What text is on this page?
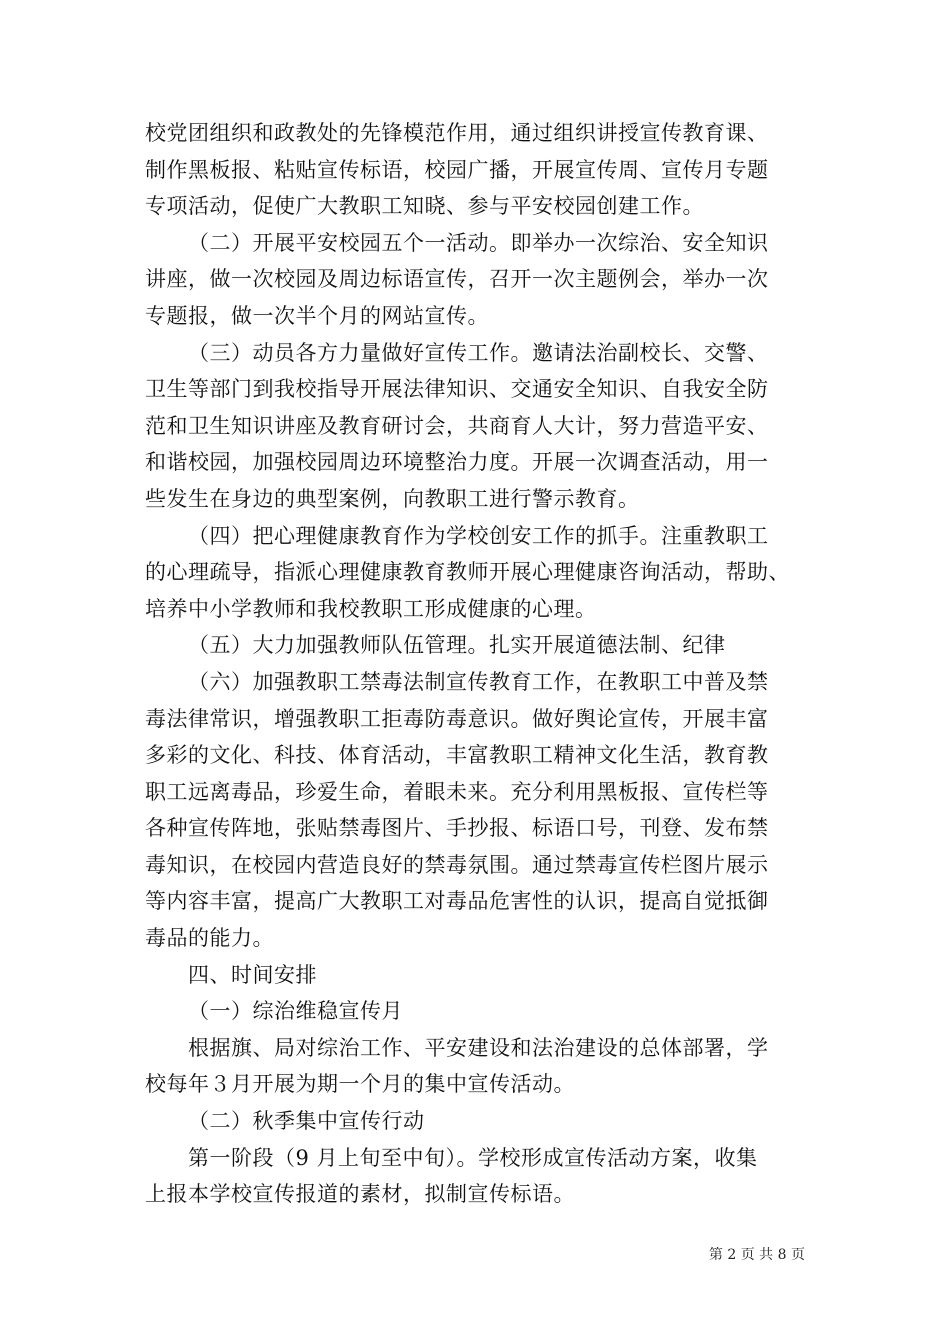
校党团组织和政教处的先锋模范作用，通过组织讲授宣传教育课、
制作黑板报、粘贴宣传标语，校园广播，开展宣传周、宣传月专题
专项活动，促使广大教职工知晓、参与平安校园创建工作。
（二）开展平安校园五个一活动。即举办一次综治、安全知识
讲座，做一次校园及周边标语宣传，召开一次主题例会，举办一次
专题报，做一次半个月的网站宣传。
（三）动员各方力量做好宣传工作。邀请法治副校长、交警、
卫生等部门到我校指导开展法律知识、交通安全知识、自我安全防
范和卫生知识讲座及教育研讨会，共商育人大计，努力营造平安、
和谐校园，加强校园周边环境整治力度。开展一次调查活动，用一
些发生在身边的典型案例，向教职工进行警示教育。
（四）把心理健康教育作为学校创安工作的抓手。注重教职工
的心理疏导，指派心理健康教育教师开展心理健康咨询活动，帮助、
培养中小学教师和我校教职工形成健康的心理。
（五）大力加强教师队伍管理。扎实开展道德法制、纪律
（六）加强教职工禁毒法制宣传教育工作，在教职工中普及禁
毒法律常识，增强教职工拒毒防毒意识。做好舆论宣传，开展丰富
多彩的文化、科技、体育活动，丰富教职工精神文化生活，教育教
职工远离毒品，珍爱生命，着眼未来。充分利用黑板报、宣传栏等
各种宣传阵地，张贴禁毒图片、手抄报、标语口号，刊登、发布禁
毒知识，在校园内营造良好的禁毒氛围。通过禁毒宣传栏图片展示
等内容丰富，提高广大教职工对毒品危害性的认识，提高自觉抵御
毒品的能力。
四、时间安排
（一）综治维稳宣传月
根据旗、局对综治工作、平安建设和法治建设的总体部署，学
校每年３月开展为期一个月的集中宣传活动。
（二）秋季集中宣传行动
第一阶段（9 月上旬至中旬）。学校形成宣传活动方案，收集
上报本学校宣传报道的素材，拟制宣传标语。
第 2 页 共 8 页
